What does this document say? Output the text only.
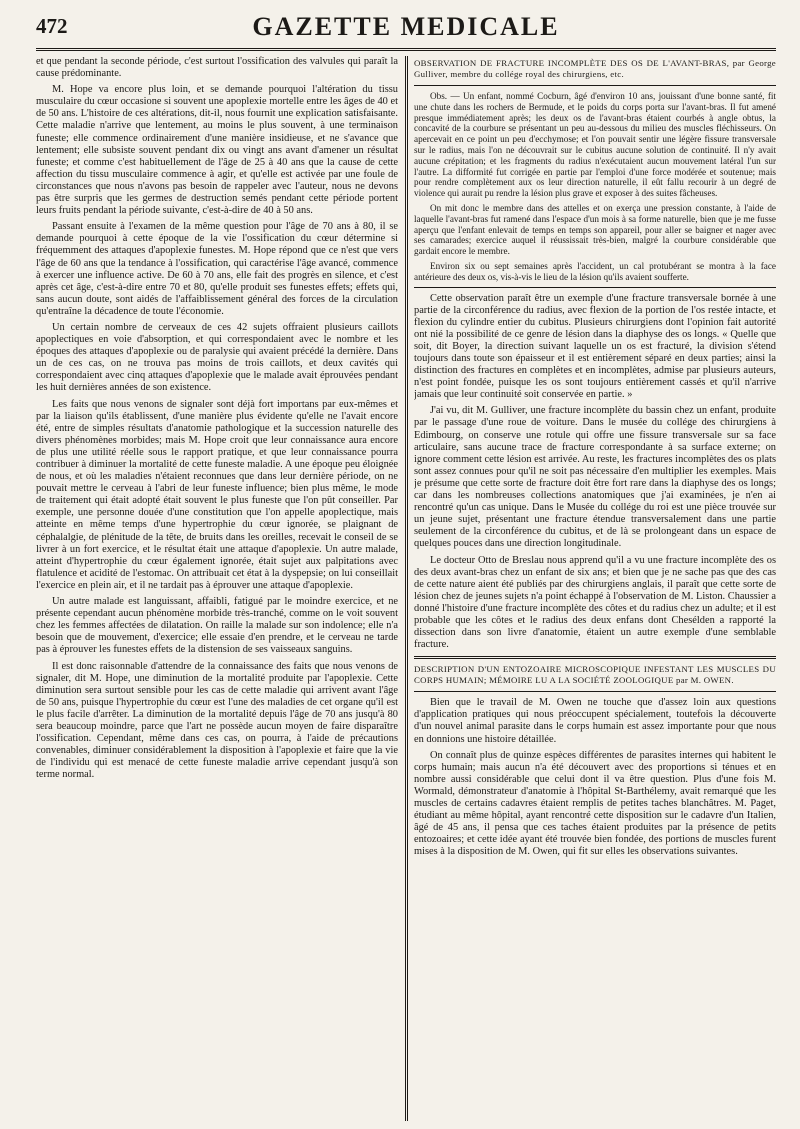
472	GAZETTE MEDICALE

et que pendant la seconde période, c'est surtout l'ossification des valvules qui paraît la cause prédominante.

M. Hope va encore plus loin, et se demande pourquoi l'altération du tissu musculaire du cœur occasione si souvent une apoplexie mortelle entre les âges de 40 et de 50 ans. L'histoire de ces altérations, dit-il, nous fournit une explication satisfaisante. Cette maladie n'arrive que lentement, au moins le plus souvent, à une terminaison funeste; elle commence ordinairement d'une manière insidieuse, et ne s'avance que lentement; elle subsiste souvent pendant dix ou vingt ans avant d'amener un résultat funeste; et comme c'est habituellement de l'âge de 25 à 40 ans que la cause de cette affection du tissu musculaire commence à agir, et qu'elle est activée par une foule de circonstances que nous n'avons pas besoin de rappeler avec l'auteur, nous ne devons pas être surpris que les germes de destruction semés pendant cette période portent leurs fruits pendant la période suivante, c'est-à-dire de 40 à 50 ans.

Passant ensuite à l'examen de la même question pour l'âge de 70 ans à 80, il se demande pourquoi à cette époque de la vie l'ossification du cœur détermine si fréquemment des attaques d'apoplexie funestes. M. Hope répond que ce n'est que vers l'âge de 60 ans que la tendance à l'ossification, qui caractérise l'âge avancé, commence à exercer une influence active. De 60 à 70 ans, elle fait des progrès en silence, et c'est après cet âge, c'est-à-dire entre 70 et 80, qu'elle produit ses funestes effets; effets qui, sans aucun doute, sont aidés de l'affaiblissement général des forces de la circulation qu'entraîne la décadence de toute l'économie.

Un certain nombre de cerveaux de ces 42 sujets offraient plusieurs caillots apoplectiques en voie d'absorption, et qui correspondaient avec le nombre et les époques des attaques d'apoplexie ou de paralysie qui avaient précédé la dernière. Dans un de ces cas, on ne trouva pas moins de trois caillots, et deux cavités qui correspondaient avec cinq attaques d'apoplexie que le malade avait éprouvées pendant les huit dernières années de son existence.

Les faits que nous venons de signaler sont déjà fort importans par eux-mêmes et par la liaison qu'ils établissent, d'une manière plus évidente qu'elle ne l'avait encore été, entre de simples résultats d'anatomie pathologique et la succession naturelle des divers phénomènes morbides; mais M. Hope croit que leur connaissance aura encore de plus une utilité réelle sous le rapport pratique, et que leur connaissance pourra contribuer à diminuer la mortalité de cette funeste maladie. A une époque peu éloignée de nous, et où les maladies n'étaient reconnues que dans leur dernière période, on ne pouvait mettre le cerveau à l'abri de leur funeste influence; bien plus même, le mode de traitement qui était adopté était souvent le plus funeste que l'on pût conseiller. Par exemple, une personne douée d'une constitution que l'on appelle apoplectique, mais atteinte en même temps d'une hypertrophie du cœur ignorée, se plaignant de céphalalgie, de plénitude de la tête, de bruits dans les oreilles, recevait le conseil de se livrer à un fort exercice, et le résultat était une attaque d'apoplexie. Un autre malade, atteint d'hypertrophie du cœur également ignorée, était sujet aux palpitations avec flatulence et acidité de l'estomac. On attribuait cet état à la dyspepsie; on lui conseillait l'exercice en plein air, et il ne tardait pas à éprouver une attaque d'apoplexie.

Un autre malade est languissant, affaibli, fatigué par le moindre exercice, et ne présente cependant aucun phénomène morbide très-tranché, comme on le voit souvent chez les femmes affectées de dilatation. On raille la malade sur son indolence; elle n'a besoin que de mouvement, d'exercice; elle essaie d'en prendre, et le cerveau ne tarde pas à éprouver les funestes effets de la distension de ses vaisseaux sanguins.

Il est donc raisonnable d'attendre de la connaissance des faits que nous venons de signaler, dit M. Hope, une diminution de la mortalité produite par l'apoplexie. Cette diminution sera surtout sensible pour les cas de cette maladie qui arrivent avant l'âge de 50 ans, puisque l'hypertrophie du cœur est l'une des maladies de cet organe qu'il est le plus facile d'arrêter. La diminution de la mortalité depuis l'âge de 70 ans jusqu'à 80 sera beaucoup moindre, parce que l'art ne possède aucun moyen de faire disparaître l'ossification. Cependant, même dans ces cas, on pourra, à l'aide de précautions convenables, diminuer considérablement la disposition à l'apoplexie et faire que la vie de l'individu qui est menacé de cette funeste maladie arrive cependant jusqu'à son terme normal.

OBSERVATION DE FRACTURE INCOMPLÈTE DES OS DE L'AVANT-BRAS, par George Gulliver, membre du collége royal des chirurgiens, etc.

Obs. — Un enfant, nommé Cocburn, âgé d'environ 10 ans, jouissant d'une bonne santé, fit une chute dans les rochers de Bermude, et le poids du corps porta sur l'avant-bras. Il fut amené presque immédiatement après; les deux os de l'avant-bras étaient courbés à angle obtus, la concavité de la courbure se présentant un peu au-dessous du milieu des muscles fléchisseurs. On apercevait en ce point un peu d'ecchymose; et l'on pouvait sentir une légère fissure transversale sur le radius, mais l'on ne découvrait sur le cubitus aucune solution de continuité. Il n'y avait aucune crépitation; et les fragments du radius n'exécutaient aucun mouvement latéral l'un sur l'autre. La difformité fut corrigée en partie par l'emploi d'une force modérée et soutenue; mais pour rendre complètement aux os leur direction naturelle, il eût fallu recourir à un degré de violence qui aurait pu rendre la lésion plus grave et exposer à des suites fâcheuses.

On mit donc le membre dans des attelles et on exerça une pression constante, à l'aide de laquelle l'avant-bras fut ramené dans l'espace d'un mois à sa forme naturelle, bien que je me fusse aperçu que l'enfant enlevait de temps en temps son appareil, pour aller se baigner et nager avec ses camarades; exercice auquel il réussissait très-bien, malgré la courbure considérable que gardait encore le membre.

Environ six ou sept semaines après l'accident, un cal protubérant se montra à la face antérieure des deux os, vis-à-vis le lieu de la lésion qu'ils avaient soufferte.

Cette observation paraît être un exemple d'une fracture transversale bornée à une partie de la circonférence du radius, avec flexion de la portion de l'os restée intacte, et flexion du cylindre entier du cubitus. Plusieurs chirurgiens dont l'opinion fait autorité ont nié la possibilité de ce genre de lésion dans la diaphyse des os longs. « Quelle que soit, dit Boyer, la direction suivant laquelle un os est fracturé, la division s'étend toujours dans toute son épaisseur et il est entièrement séparé en deux parties; ainsi la distinction des fractures en complètes et en incomplètes, admise par plusieurs auteurs, n'est point fondée, puisque les os sont toujours entièrement cassés et qu'il n'arrive jamais que leur continuité soit conservée en partie. »

J'ai vu, dit M. Gulliver, une fracture incomplète du bassin chez un enfant, produite par le passage d'une roue de voiture. Dans le musée du collége des chirurgiens à Edimbourg, on conserve une rotule qui offre une fissure transversale sur sa face articulaire, sans aucune trace de fracture correspondante à sa surface externe; on ignore comment cette lésion est arrivée. Au reste, les fractures incomplètes des os plats sont assez connues pour qu'il ne soit pas nécessaire d'en multiplier les exemples. Mais je présume que cette sorte de fracture doit être fort rare dans la diaphyse des os longs; car dans les nombreuses collections anatomiques que j'ai examinées, je n'en ai rencontré qu'un cas unique. Dans le Musée du collége du roi est une pièce trouvée sur un jeune sujet, présentant une fracture étendue transversalement dans une partie seulement de la circonférence du cubitus, et de là se prolongeant dans un espace de quelques pouces dans une direction longitudinale.

Le docteur Otto de Breslau nous apprend qu'il a vu une fracture incomplète des os des deux avant-bras chez un enfant de six ans; et bien que je ne sache pas que des cas de cette nature aient été publiés par des chirurgiens anglais, il paraît que cette sorte de lésion chez de jeunes sujets n'a point échappé à l'observation de M. Liston. Chaussier a donné l'histoire d'une fracture incomplète des côtes et du radius chez un adulte; et il est probable que les côtes et le radius des deux enfans dont Chesélden a rapporté la dissection dans son livre d'anatomie, étaient un autre exemple d'une semblable fracture.

DESCRIPTION D'UN ENTOZOAIRE MICROSCOPIQUE INFESTANT LES MUSCLES DU CORPS HUMAIN; MÉMOIRE LU A LA SOCIÉTÉ ZOOLOGIQUE par M. OWEN.

Bien que le travail de M. Owen ne touche que d'assez loin aux questions d'application pratiques qui nous préoccupent spécialement, toutefois la découverte d'un nouvel animal parasite dans le corps humain est assez importante pour que nous en donnions une histoire détaillée.

On connaît plus de quinze espèces différentes de parasites internes qui habitent le corps humain; mais aucun n'a été découvert avec des proportions si ténues et en nombre aussi considérable que celui dont il va être question. Plus d'une fois M. Wormald, démonstrateur d'anatomie à l'hôpital St-Barthélemy, avait remarqué que les muscles de certains cadavres étaient remplis de petites taches blanchâtres. M. Paget, étudiant au même hôpital, ayant rencontré cette disposition sur le cadavre d'un Italien, âgé de 45 ans, il pensa que ces taches étaient produites par la présence de petits entozoaires; et cette idée ayant été trouvée bien fondée, des portions de muscles furent mises à la disposition de M. Owen, qui fit sur elles les observations suivantes.
